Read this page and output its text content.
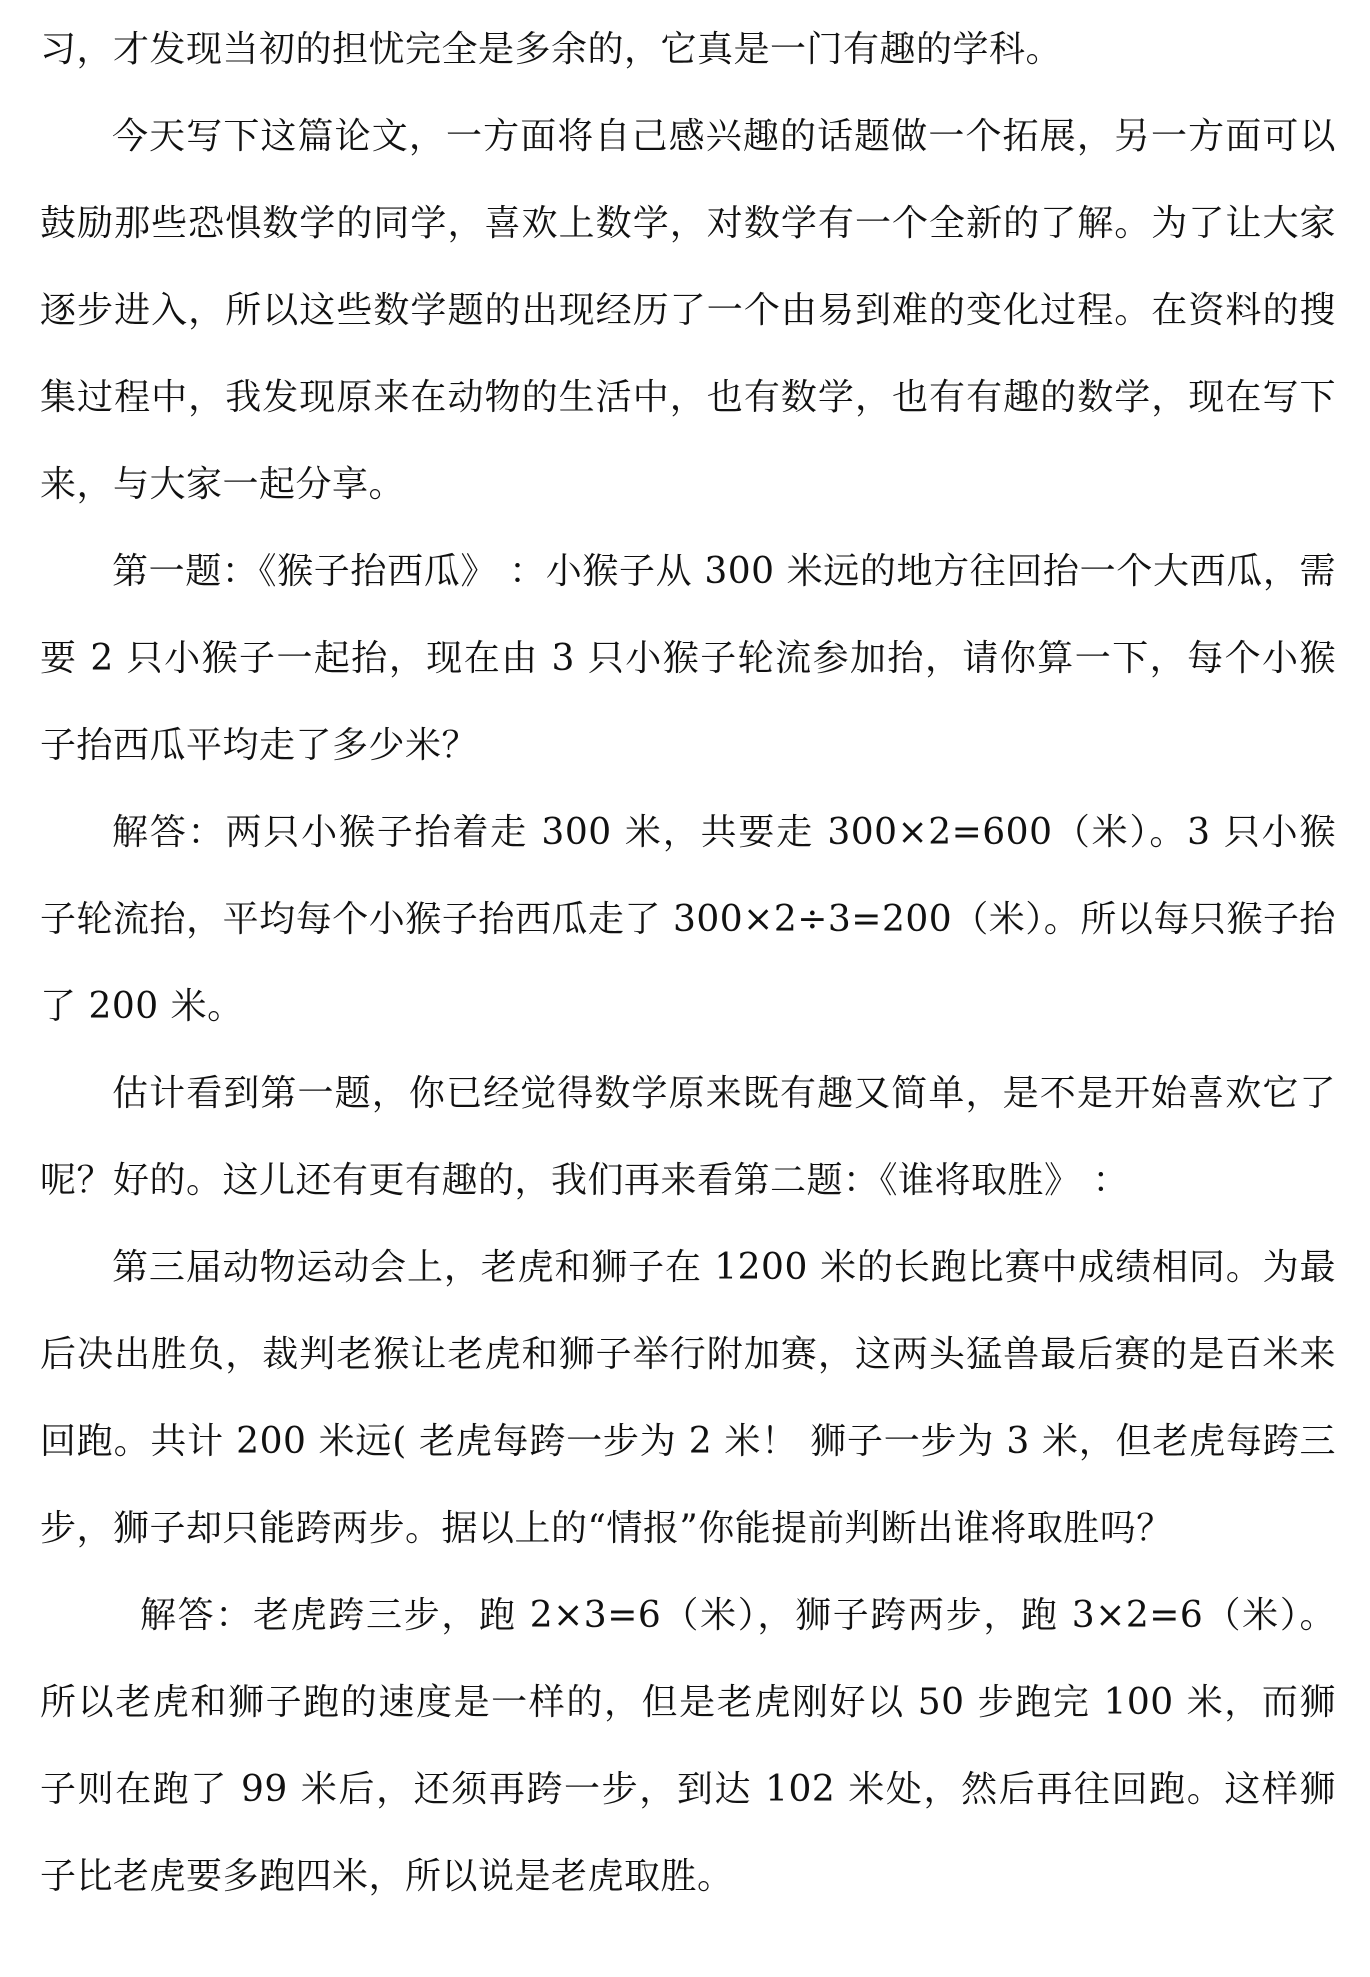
习，才发现当初的担忧完全是多余的，它真是一门有趣的学科。

今天写下这篇论文，一方面将自己感兴趣的话题做一个拓展，另一方面可以鼓励那些恐惧数学的同学，喜欢上数学，对数学有一个全新的了解。为了让大家逐步进入，所以这些数学题的出现经历了一个由易到难的变化过程。在资料的搜集过程中，我发现原来在动物的生活中，也有数学，也有有趣的数学，现在写下来，与大家一起分享。

第一题：《猴子抬西瓜》 ：小猴子从 300 米远的地方往回抬一个大西瓜，需要 2 只小猴子一起抬，现在由 3 只小猴子轮流参加抬，请你算一下，每个小猴子抬西瓜平均走了多少米？

解答：两只小猴子抬着走 300 米，共要走 300×2=600（米）。3 只小猴子轮流抬，平均每个小猴子抬西瓜走了 300×2÷3=200（米）。所以每只猴子抬了 200 米。

估计看到第一题，你已经觉得数学原来既有趣又简单，是不是开始喜欢它了呢？好的。这儿还有更有趣的，我们再来看第二题：《谁将取胜》 ：

第三届动物运动会上，老虎和狮子在 1200 米的长跑比赛中成绩相同。为最后决出胜负，裁判老猴让老虎和狮子举行附加赛，这两头猛兽最后赛的是百米来回跑。共计 200 米远( 老虎每跨一步为 2 米！ 狮子一步为 3 米，但老虎每跨三步，狮子却只能跨两步。据以上的“情报”你能提前判断出谁将取胜吗？

解答：老虎跨三步，跑 2×3=6（米），狮子跨两步，跑 3×2=6（米）。所以老虎和狮子跑的速度是一样的，但是老虎刚好以 50 步跑完 100 米，而狮子则在跑了 99 米后，还须再跨一步，到达 102 米处，然后再往回跑。这样狮子比老虎要多跑四米，所以说是老虎取胜。
